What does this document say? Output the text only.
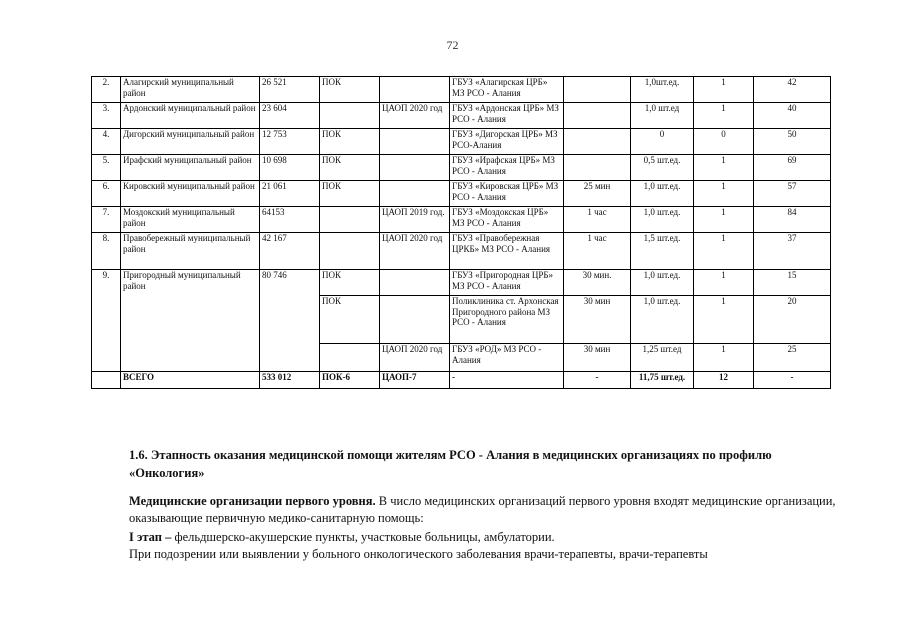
72
2.	Алагирский муниципальный район	26 521	ПОК		ГБУЗ «Алагирская ЦРБ» МЗ РСО - Алания		1,0шт.ед.	1	42
3.	Ардонский муниципальный район	23 604		ЦАОП 2020 год	ГБУЗ «Ардонская ЦРБ» МЗ РСО - Алания		1,0 шт.ед	1	40
4.	Дигорский муниципальный район	12 753	ПОК		ГБУЗ «Дигорская ЦРБ» МЗ РСО-Алания		0	0	50
5.	Ирафский муниципальный район	10 698	ПОК		ГБУЗ «Ирафская ЦРБ» МЗ РСО - Алания		0,5 шт.ед.	1	69
6.	Кировский муниципальный район	21 061	ПОК		ГБУЗ «Кировская ЦРБ» МЗ РСО - Алания	25 мин	1,0 шт.ед.	1	57
7.	Моздокский муниципальный район	64153		ЦАОП 2019 год.	ГБУЗ «Моздокская ЦРБ» МЗ РСО - Алания	1 час	1,0 шт.ед.	1	84
8.	Правобережный муниципальный район	42 167		ЦАОП 2020 год	ГБУЗ «Правобережная ЦРКБ» МЗ РСО - Алания	1 час	1,5 шт.ед.	1	37
9.	Пригородный муниципальный район	80 746	ПОК		ГБУЗ «Пригородная ЦРБ» МЗ РСО - Алания	30 мин.	1,0 шт.ед.	1	15
			ПОК		Поликлиника ст. Архонская Пригородного района МЗ РСО - Алания	30 мин	1,0 шт.ед.	1	20
				ЦАОП 2020 год	ГБУЗ «РОД» МЗ РСО - Алания	30 мин	1,25 шт.ед	1	25
	ВСЕГО	533 012	ПОК-6	ЦАОП-7	-	-	11,75 шт.ед.	12	-
1.6. Этапность оказания медицинской помощи жителям РСО - Алания в медицинских организациях по профилю «Онкология»
Медицинские организации первого уровня. В число медицинских организаций первого уровня входят медицинские организации, оказывающие первичную медико-санитарную помощь:
I этап – фельдшерско-акушерские пункты, участковые больницы, амбулатории.
При подозрении или выявлении у больного онкологического заболевания врачи-терапевты, врачи-терапевты
